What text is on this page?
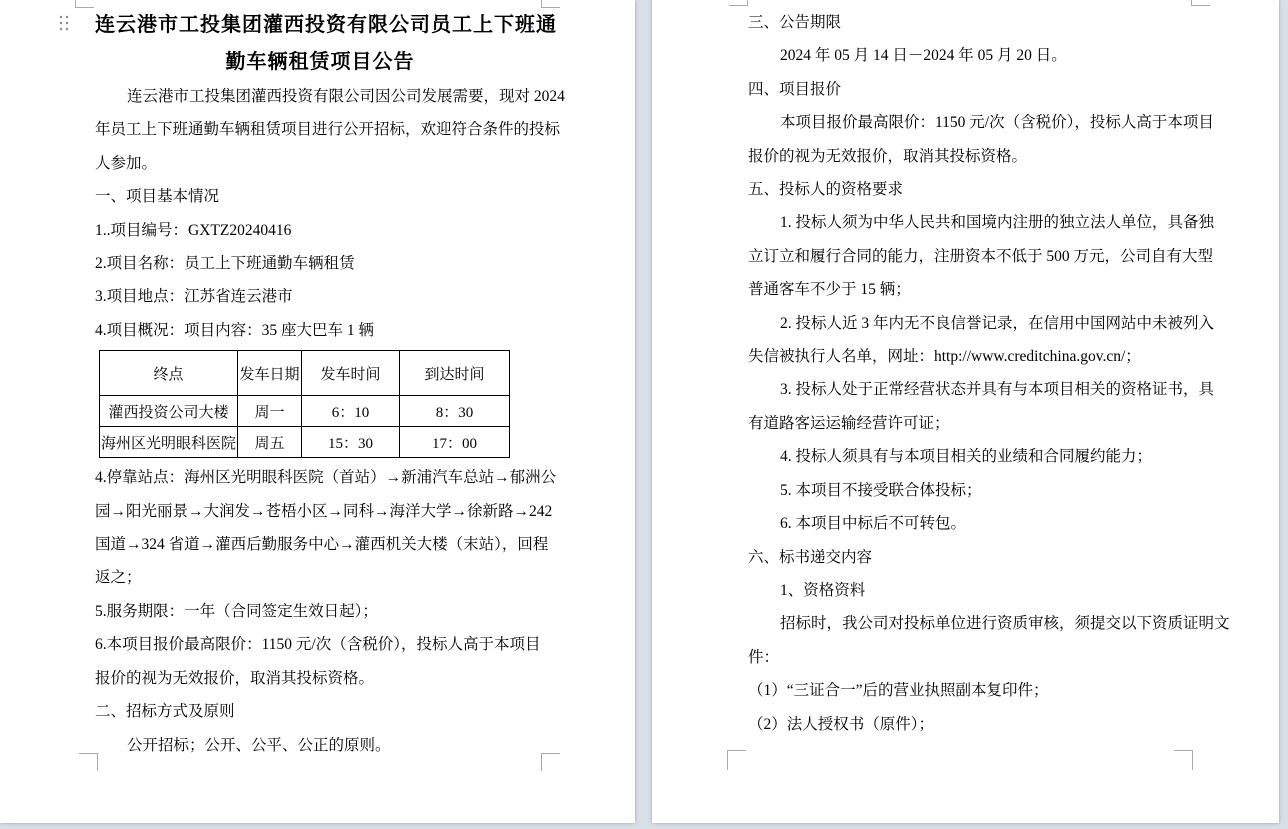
连云港市工投集团灌西投资有限公司员工上下班通
勤车辆租赁项目公告
连云港市工投集团灌西投资有限公司因公司发展需要，现对 2024
年员工上下班通勤车辆租赁项目进行公开招标，欢迎符合条件的投标
人参加。
一、项目基本情况
1..项目编号：GXTZ20240416
2.项目名称：员工上下班通勤车辆租赁
3.项目地点：江苏省连云港市
4.项目概况：项目内容：35 座大巴车 1 辆
终点	发车日期	发车时间	到达时间
灌西投资公司大楼	周一	6：10	8：30
海州区光明眼科医院	周五	15：30	17：00
4.停靠站点：海州区光明眼科医院（首站）→新浦汽车总站→郁洲公
园→阳光丽景→大润发→苍梧小区→同科→海洋大学→徐新路→242
国道→324 省道→灌西后勤服务中心→灌西机关大楼（末站），回程
返之；
5.服务期限：一年（合同签定生效日起）；
6.本项目报价最高限价：1150 元/次（含税价），投标人高于本项目
报价的视为无效报价，取消其投标资格。
二、招标方式及原则
公开招标；公开、公平、公正的原则。
三、公告期限
2024 年 05 月 14 日－2024 年 05 月 20 日。
四、项目报价
本项目报价最高限价：1150 元/次（含税价），投标人高于本项目
报价的视为无效报价，取消其投标资格。
五、投标人的资格要求
1. 投标人须为中华人民共和国境内注册的独立法人单位，具备独
立订立和履行合同的能力，注册资本不低于 500 万元，公司自有大型
普通客车不少于 15 辆；
2. 投标人近 3 年内无不良信誉记录，在信用中国网站中未被列入
失信被执行人名单，网址：http://www.creditchina.gov.cn/；
3. 投标人处于正常经营状态并具有与本项目相关的资格证书，具
有道路客运运输经营许可证；
4. 投标人须具有与本项目相关的业绩和合同履约能力；
5. 本项目不接受联合体投标；
6. 本项目中标后不可转包。
六、标书递交内容
1、资格资料
招标时，我公司对投标单位进行资质审核，须提交以下资质证明文
件：
（1）“三证合一”后的营业执照副本复印件；
（2）法人授权书（原件）；
